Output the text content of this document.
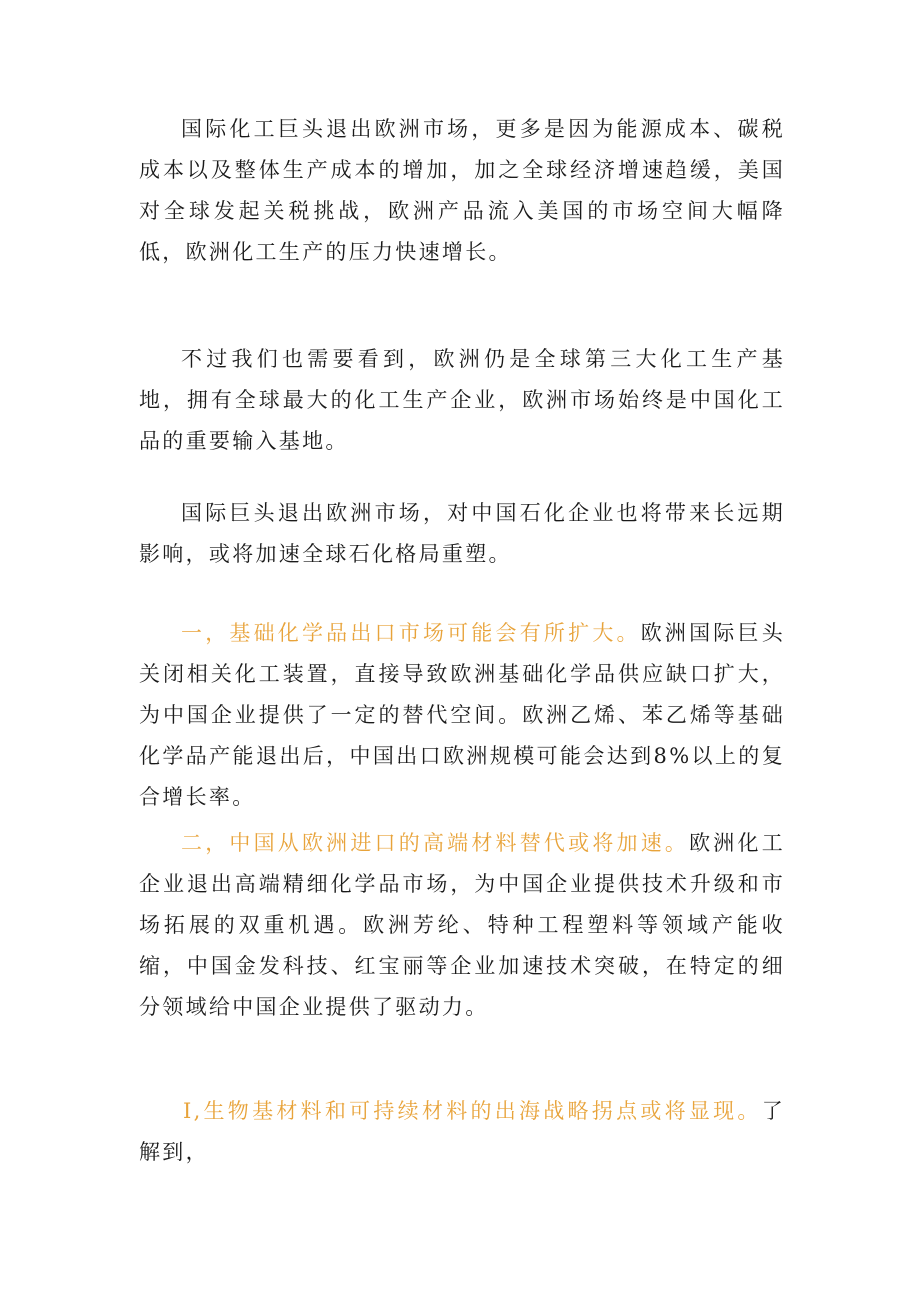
国际化工巨头退出欧洲市场，更多是因为能源成本、碳税成本以及整体生产成本的增加，加之全球经济增速趋缓，美国对全球发起关税挑战，欧洲产品流入美国的市场空间大幅降低，欧洲化工生产的压力快速增长。

不过我们也需要看到，欧洲仍是全球第三大化工生产基地，拥有全球最大的化工生产企业，欧洲市场始终是中国化工品的重要输入基地。

国际巨头退出欧洲市场，对中国石化企业也将带来长远期影响，或将加速全球石化格局重塑。

一，基础化学品出口市场可能会有所扩大。欧洲国际巨头关闭相关化工装置，直接导致欧洲基础化学品供应缺口扩大，为中国企业提供了一定的替代空间。欧洲乙烯、苯乙烯等基础化学品产能退出后，中国出口欧洲规模可能会达到8%以上的复合增长率。

二，中国从欧洲进口的高端材料替代或将加速。欧洲化工企业退出高端精细化学品市场，为中国企业提供技术升级和市场拓展的双重机遇。欧洲芳纶、特种工程塑料等领域产能收缩，中国金发科技、红宝丽等企业加速技术突破，在特定的细分领域给中国企业提供了驱动力。

I,生物基材料和可持续材料的出海战略拐点或将显现。了解到，
